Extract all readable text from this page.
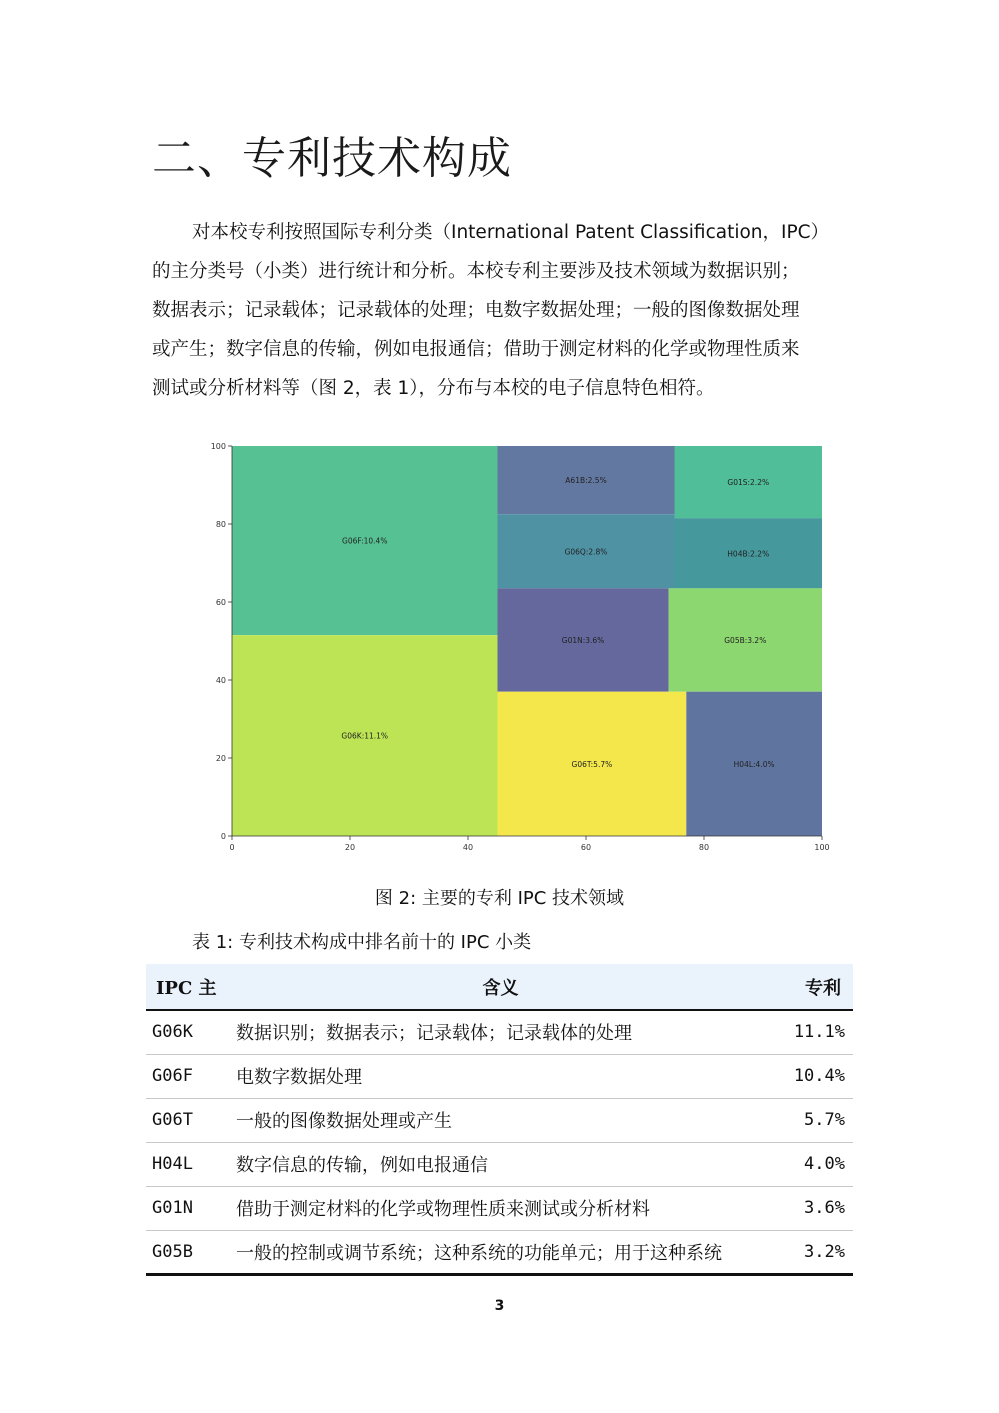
二、专利技术构成
对本校专利按照国际专利分类（International Patent Classification，IPC）
的主分类号（小类）进行统计和分析。本校专利主要涉及技术领域为数据识别；
数据表示；记录载体；记录载体的处理；电数字数据处理；一般的图像数据处理
或产生；数字信息的传输，例如电报通信；借助于测定材料的化学或物理性质来
测试或分析材料等（图 2，表 1），分布与本校的电子信息特色相符。
G06F:10.4%
G06K:11.1%
A61B:2.5%	G01S:2.2%
G06Q:2.8%	H04B:2.2%
G01N:3.6%	G05B:3.2%
G06T:5.7%	H04L:4.0%
0	20	40	60	80	100
0
20
40
60
80
100
图 2: 主要的专利 IPC 技术领域
表 1: 专利技术构成中排名前十的 IPC 小类
IPC 主	含义	专利
G06K	数据识别；数据表示；记录载体；记录载体的处理	11.1%
G06F	电数字数据处理	10.4%
G06T	一般的图像数据处理或产生	5.7%
H04L	数字信息的传输，例如电报通信	4.0%
G01N	借助于测定材料的化学或物理性质来测试或分析材料	3.6%
G05B	一般的控制或调节系统；这种系统的功能单元；用于这种系统	3.2%
3
